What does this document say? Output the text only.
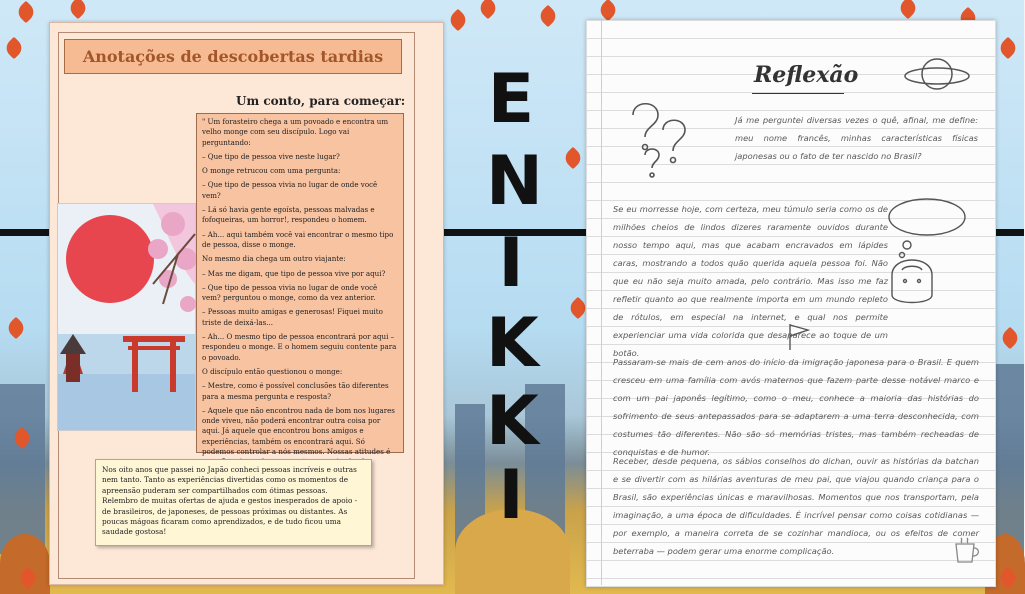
Anotações de descobertas tardias
Um conto, para começar:

" Um forasteiro chega a um povoado e encontra um velho monge com seu discípulo. Logo vai perguntando:

– Que tipo de pessoa vive neste lugar?

O monge retrucou com uma pergunta:

– Que tipo de pessoa vivia no lugar de onde você vem?

– Lá só havia gente egoísta, pessoas malvadas e fofoqueiras, um horror!, respondeu o homem.

– Ah... aqui também você vai encontrar o mesmo tipo de pessoa, disse o monge.

No mesmo dia chega um outro viajante:

– Mas me digam, que tipo de pessoa vive por aqui?

– Que tipo de pessoa vivia no lugar de onde você vem? perguntou o monge, como da vez anterior.

– Pessoas muito amigas e generosas! Fiquei muito triste de deixá-las...

– Ah... O mesmo tipo de pessoa encontrará por aqui – respondeu o monge. E o homem seguiu contente para o povoado.

O discípulo então questionou o monge:

– Mestre, como é possível conclusões tão diferentes para a mesma pergunta e resposta?

– Aquele que não encontrou nada de bom nos lugares onde viveu, não poderá encontrar outra coisa por aqui. Já aquele que encontrou bons amigos e experiências, também os encontrará aqui. Só podemos controlar a nós mesmos. Nossas atitudes é

Nos oito anos que passei no Japão conheci pessoas incríveis e outras nem tanto. Tanto as experiências divertidas como os momentos de apreensão puderam ser compartilhados com ótimas pessoas. Relembro de muitas ofertas de ajuda e gestos inesperados de apoio - de brasileiros, de japoneses, de pessoas próximas ou distantes. As poucas mágoas ficaram como aprendizados, e de tudo ficou uma saudade gostosa!

E
N
I
K
K
I
Reflexão

Já me perguntei diversas vezes o quê, afinal, me define: meu nome francês, minhas características físicas japonesas ou o fato de ter nascido no Brasil?

Se eu morresse hoje, com certeza, meu túmulo seria como os de milhões cheios de lindos dizeres raramente ouvidos durante nosso tempo aqui, mas que acabam encravados em lápides caras, mostrando a todos quão querida aquela pessoa foi. Não que eu não seja muito amada, pelo contrário. Mas isso me faz refletir quanto ao que realmente importa em um mundo repleto de rótulos, em especial na internet, e qual nos permite experienciar uma vida colorida que desaparece ao toque de um botão.

Passaram-se mais de cem anos do início da imigração japonesa para o Brasil. E quem cresceu em uma família com avós maternos que fazem parte desse notável marco e com um pai japonês legítimo, como o meu, conhece a maioria das histórias do sofrimento de seus antepassados para se adaptarem a uma terra desconhecida, com costumes tão diferentes. Não são só memórias tristes, mas também recheadas de conquistas e de humor.

Receber, desde pequena, os sábios conselhos do dichan, ouvir as histórias da batchan e se divertir com as hilárias aventuras de meu pai, que viajou quando criança para o Brasil, são experiências únicas e maravilhosas. Momentos que nos transportam, pela imaginação, a uma época de dificuldades. É incrível pensar como coisas cotidianas — por exemplo, a maneira correta de se cozinhar mandioca, ou os efeitos de comer beterraba — podem gerar uma enorme complicação.
